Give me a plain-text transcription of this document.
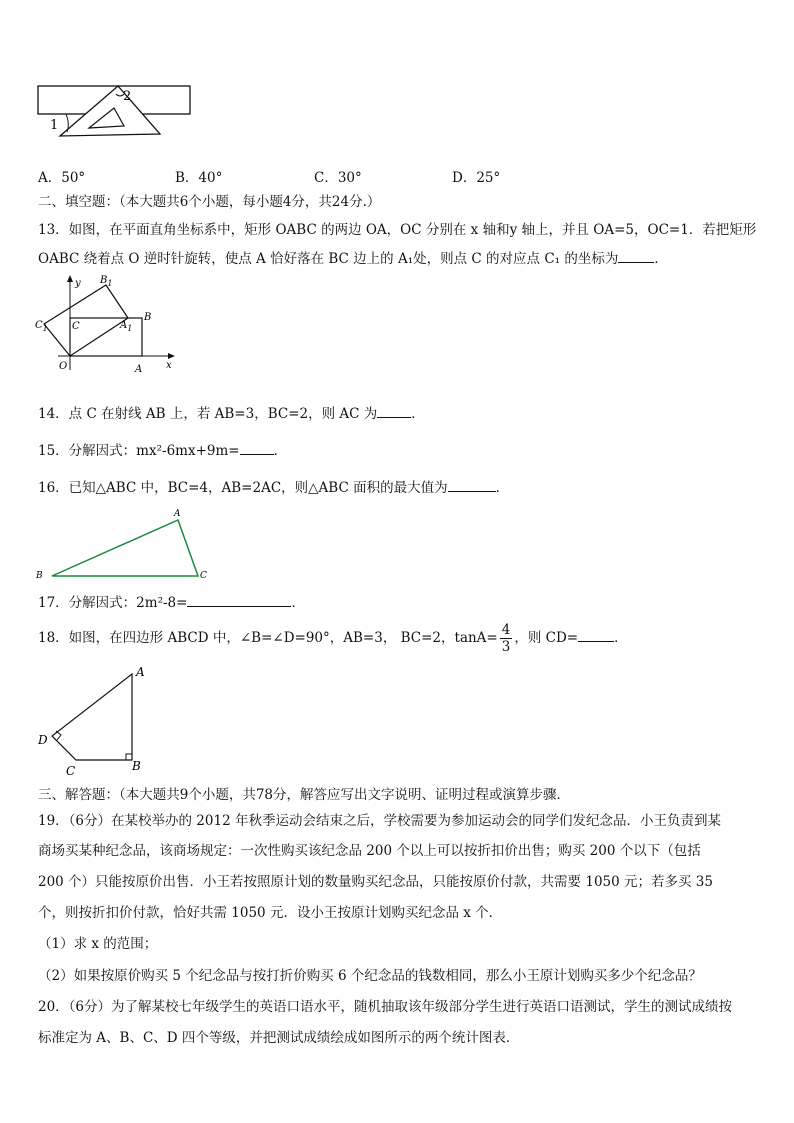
1
2
A．50°	B．40°	C．30°	D．25°
二、填空题：（本大题共6个小题，每小题4分，共24分.）
13．如图，在平面直角坐标系中，矩形 OABC 的两边 OA，OC 分别在 x 轴和y 轴上，并且 OA=5，OC=1．若把矩形
OABC 绕着点 O 逆时针旋转，使点 A 恰好落在 BC 边上的 A₁处，则点 C 的对应点 C₁ 的坐标为	．
y
x
O	A
B
C	$A_1$
$B_1$
$C_1$
14．点 C 在射线 AB 上，若 AB=3，BC=2，则 AC 为	．
15．分解因式：mx²-6mx+9m=	．
16．已知△ABC 中，BC=4，AB=2AC，则△ABC 面积的最大值为	．
A
B	C
17．分解因式：2m²-8=	．
18．如图，在四边形 ABCD 中，∠B=∠D=90°，AB=3， BC=2，$\tan A= \frac{4}{3}$ ，则 CD=	．
A
B
C
D
三、解答题：（本大题共9个小题，共78分，解答应写出文字说明、证明过程或演算步骤．
19．（6分）在某校举办的 2012 年秋季运动会结束之后，学校需要为参加运动会的同学们发纪念品．小王负责到某
商场买某种纪念品，该商场规定：一次性购买该纪念品 200 个以上可以按折扣价出售；购买 200 个以下（包括
200 个）只能按原价出售．小王若按照原计划的数量购买纪念品，只能按原价付款，共需要 1050 元；若多买 35
个，则按折扣价付款，恰好共需 1050 元．设小王按原计划购买纪念品 x 个．
（1）求 x 的范围；
（2）如果按原价购买 5 个纪念品与按打折价购买 6 个纪念品的钱数相同，那么小王原计划购买多少个纪念品？
20．（6分）为了解某校七年级学生的英语口语水平，随机抽取该年级部分学生进行英语口语测试，学生的测试成绩按
标准定为 A、B、C、D 四个等级，并把测试成绩绘成如图所示的两个统计图表．
